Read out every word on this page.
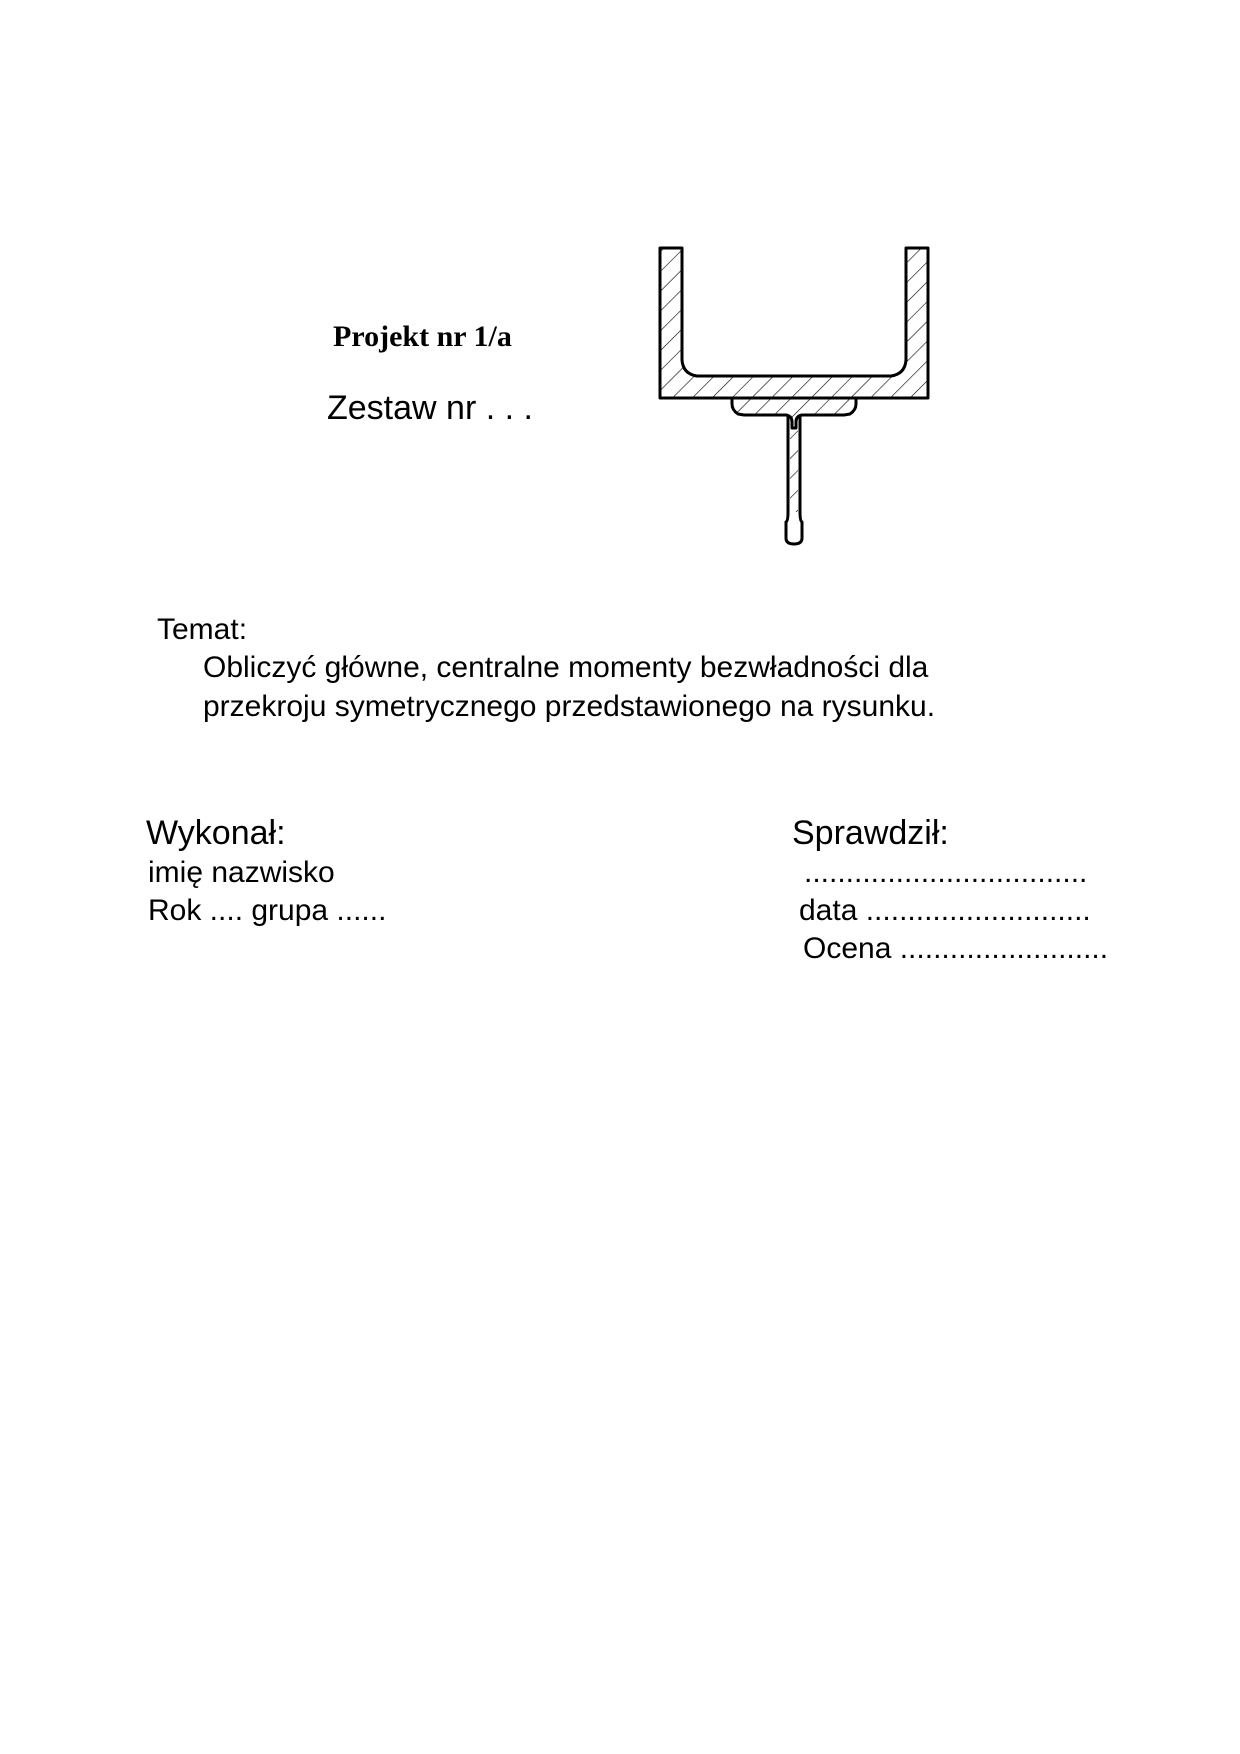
Projekt nr 1/a
Zestaw nr . . .
Temat:
Obliczyć główne, centralne momenty bezwładności dla
przekroju symetrycznego przedstawionego na rysunku.
Wykonał:
imię nazwisko
Rok .... grupa ......
Sprawdził:
..................................
data ...........................
Ocena .........................
